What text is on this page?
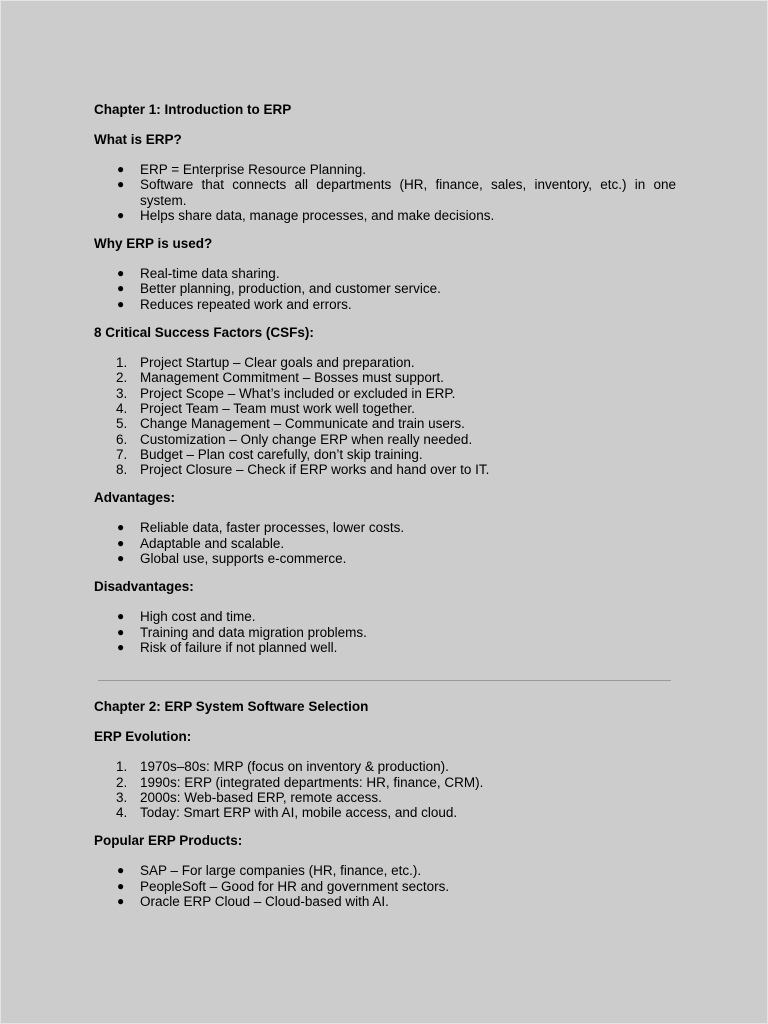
Chapter 1: Introduction to ERP

What is ERP?

● ERP = Enterprise Resource Planning.
● Software that connects all departments (HR, finance, sales, inventory, etc.) in one system.
● Helps share data, manage processes, and make decisions.

Why ERP is used?

● Real-time data sharing.
● Better planning, production, and customer service.
● Reduces repeated work and errors.

8 Critical Success Factors (CSFs):

1. Project Startup – Clear goals and preparation.
2. Management Commitment – Bosses must support.
3. Project Scope – What’s included or excluded in ERP.
4. Project Team – Team must work well together.
5. Change Management – Communicate and train users.
6. Customization – Only change ERP when really needed.
7. Budget – Plan cost carefully, don’t skip training.
8. Project Closure – Check if ERP works and hand over to IT.

Advantages:

● Reliable data, faster processes, lower costs.
● Adaptable and scalable.
● Global use, supports e-commerce.

Disadvantages:

● High cost and time.
● Training and data migration problems.
● Risk of failure if not planned well.

Chapter 2: ERP System Software Selection

ERP Evolution:

1. 1970s–80s: MRP (focus on inventory & production).
2. 1990s: ERP (integrated departments: HR, finance, CRM).
3. 2000s: Web-based ERP, remote access.
4. Today: Smart ERP with AI, mobile access, and cloud.

Popular ERP Products:

● SAP – For large companies (HR, finance, etc.).
● PeopleSoft – Good for HR and government sectors.
● Oracle ERP Cloud – Cloud-based with AI.
